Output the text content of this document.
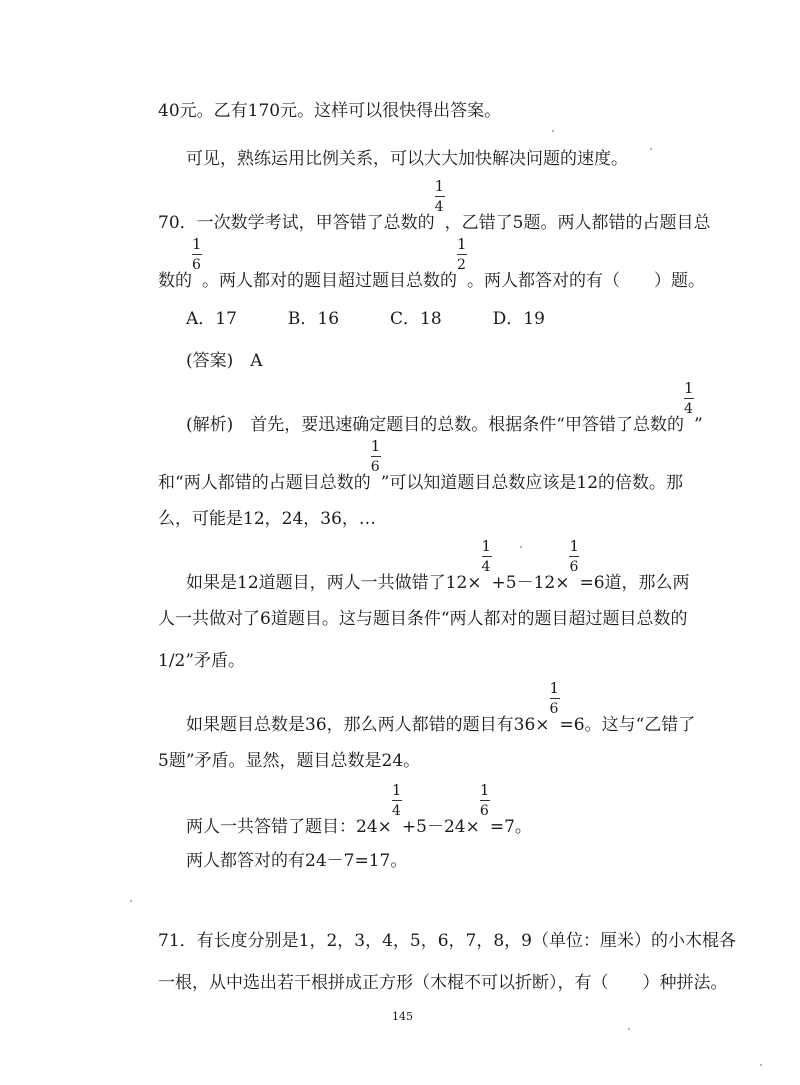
40元。乙有170元。这样可以很快得出答案。
可见，熟练运用比例关系，可以大大加快解决问题的速度。
70．一次数学考试，甲答错了总数的 $\frac{1}{4}$ ，乙错了5题。两人都错的占题目总
数的 $\frac{1}{6}$ 。两人都对的题目超过题目总数的 $\frac{1}{2}$ 。两人都答对的有（　　）题。
A．17　　　B．16　　　C．18　　　D．19
(答案)　A
(解析)　首先，要迅速确定题目的总数。根据条件“甲答错了总数的 $\frac{1}{4}$ ”
和“两人都错的占题目总数的 $\frac{1}{6}$ ”可以知道题目总数应该是12的倍数。那
么，可能是12，24，36，…
如果是12道题目，两人一共做错了$12\times \frac{1}{4} +5-12\times \frac{1}{6} =6$道，那么两
人一共做对了6道题目。这与题目条件“两人都对的题目超过题目总数的
1/2”矛盾。
如果题目总数是36，那么两人都错的题目有$36\times \frac{1}{6} =6$。这与“乙错了
5题”矛盾。显然，题目总数是24。
两人一共答错了题目：$24\times \frac{1}{4} +5-24\times \frac{1}{6} =7$。
两人都答对的有24－7=17。
71．有长度分别是1，2，3，4，5，6，7，8，9（单位：厘米）的小木棍各
一根，从中选出若干根拼成正方形（木棍不可以折断），有（　　）种拼法。
145
